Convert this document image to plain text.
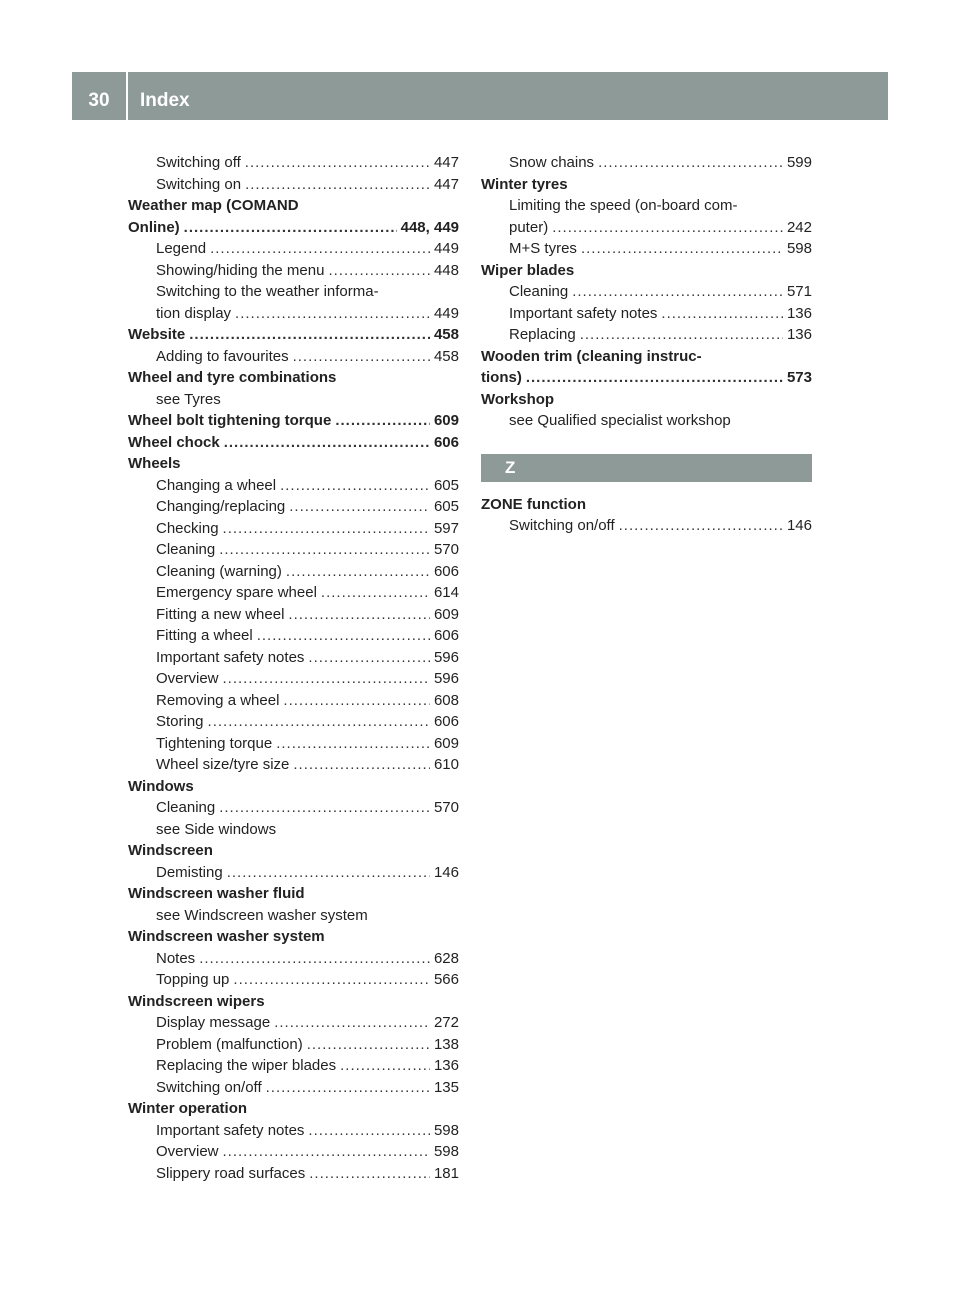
30	Index
Switching off .....	447
Switching on .....	447
Weather map (COMAND
Online) .....	448, 449
Legend .....	449
Showing/hiding the menu .....	448
Switching to the weather informa-
tion display .....	449
Website .....	458
Adding to favourites .....	458
Wheel and tyre combinations
see Tyres
Wheel bolt tightening torque .....	609
Wheel chock .....	606
Wheels
Changing a wheel .....	605
Changing/replacing .....	605
Checking .....	597
Cleaning .....	570
Cleaning (warning) .....	606
Emergency spare wheel .....	614
Fitting a new wheel .....	609
Fitting a wheel .....	606
Important safety notes .....	596
Overview .....	596
Removing a wheel .....	608
Storing .....	606
Tightening torque .....	609
Wheel size/tyre size .....	610
Windows
Cleaning .....	570
see Side windows
Windscreen
Demisting .....	146
Windscreen washer fluid
see Windscreen washer system
Windscreen washer system
Notes .....	628
Topping up .....	566
Windscreen wipers
Display message .....	272
Problem (malfunction) .....	138
Replacing the wiper blades .....	136
Switching on/off .....	135
Winter operation
Important safety notes .....	598
Overview .....	598
Slippery road surfaces .....	181
Snow chains .....	599
Winter tyres
Limiting the speed (on-board com-
puter) .....	242
M+S tyres .....	598
Wiper blades
Cleaning .....	571
Important safety notes .....	136
Replacing .....	136
Wooden trim (cleaning instruc-
tions) .....	573
Workshop
see Qualified specialist workshop
Z
ZONE function
Switching on/off .....	146
